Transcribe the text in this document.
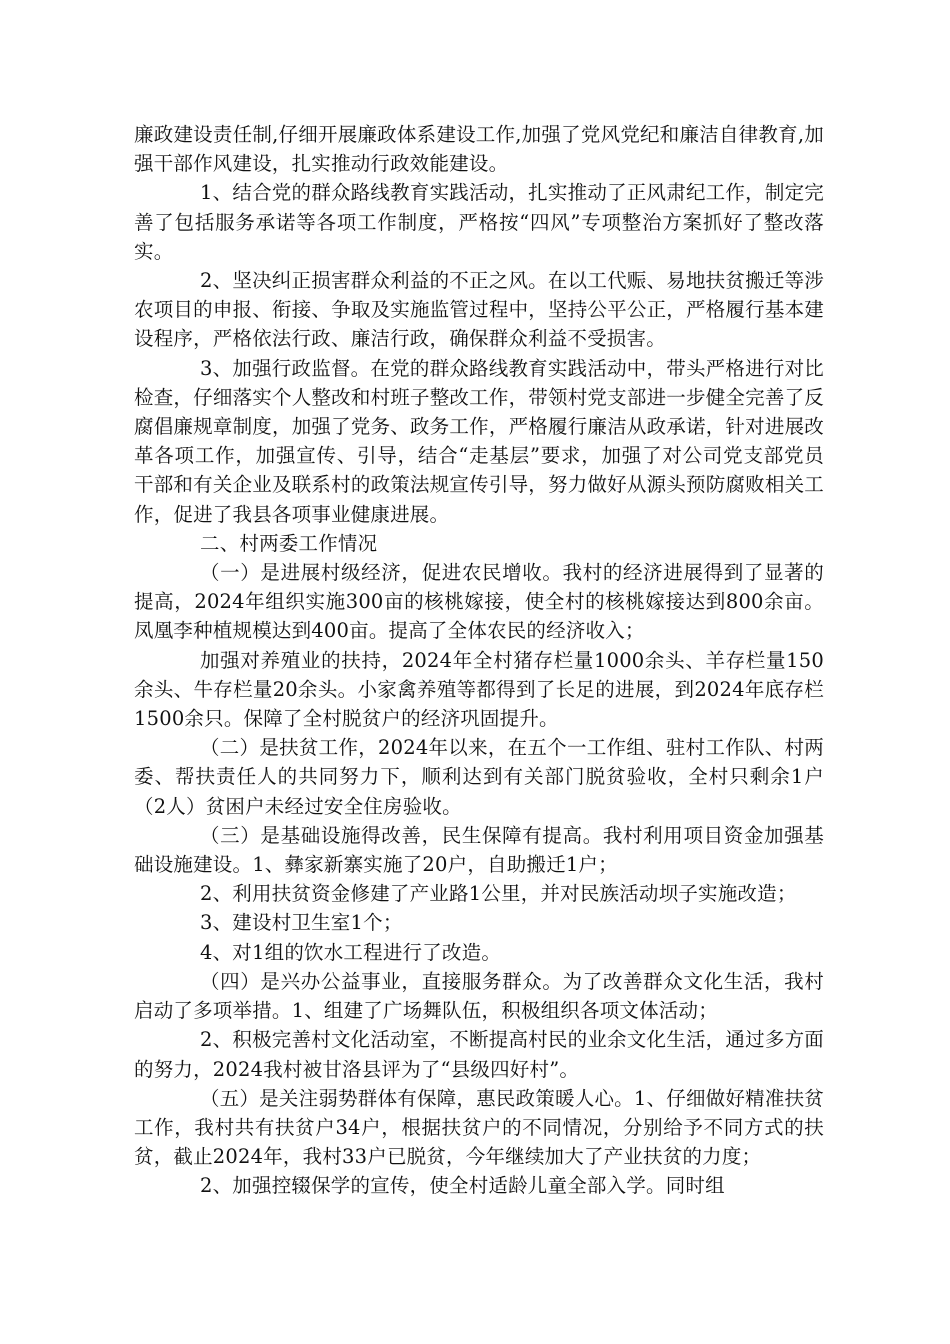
廉政建设责任制,仔细开展廉政体系建设工作,加强了党风党纪和廉洁自律教育,加强干部作风建设，扎实推动行政效能建设。

1、结合党的群众路线教育实践活动，扎实推动了正风肃纪工作，制定完善了包括服务承诺等各项工作制度，严格按“四风”专项整治方案抓好了整改落实。

2、坚决纠正损害群众利益的不正之风。在以工代赈、易地扶贫搬迁等涉农项目的申报、衔接、争取及实施监管过程中，坚持公平公正，严格履行基本建设程序，严格依法行政、廉洁行政，确保群众利益不受损害。

3、加强行政监督。在党的群众路线教育实践活动中，带头严格进行对比检查，仔细落实个人整改和村班子整改工作，带领村党支部进一步健全完善了反腐倡廉规章制度，加强了党务、政务工作，严格履行廉洁从政承诺，针对进展改革各项工作，加强宣传、引导，结合“走基层”要求，加强了对公司党支部党员干部和有关企业及联系村的政策法规宣传引导，努力做好从源头预防腐败相关工作，促进了我县各项事业健康进展。

二、村两委工作情况

（一）是进展村级经济，促进农民增收。我村的经济进展得到了显著的提高，2024年组织实施300亩的核桃嫁接，使全村的核桃嫁接达到800余亩。凤凰李种植规模达到400亩。提高了全体农民的经济收入；

加强对养殖业的扶持，2024年全村猪存栏量1000余头、羊存栏量150余头、牛存栏量20余头。小家禽养殖等都得到了长足的进展，到2024年底存栏1500余只。保障了全村脱贫户的经济巩固提升。

（二）是扶贫工作，2024年以来，在五个一工作组、驻村工作队、村两委、帮扶责任人的共同努力下，顺利达到有关部门脱贫验收，全村只剩余1户（2人）贫困户未经过安全住房验收。

（三）是基础设施得改善，民生保障有提高。我村利用项目资金加强基础设施建设。1、彝家新寨实施了20户，自助搬迁1户；

2、利用扶贫资金修建了产业路1公里，并对民族活动坝子实施改造；

3、建设村卫生室1个；

4、对1组的饮水工程进行了改造。

（四）是兴办公益事业，直接服务群众。为了改善群众文化生活，我村启动了多项举措。1、组建了广场舞队伍，积极组织各项文体活动；

2、积极完善村文化活动室，不断提高村民的业余文化生活，通过多方面的努力，2024我村被甘洛县评为了“县级四好村”。

（五）是关注弱势群体有保障，惠民政策暖人心。1、仔细做好精准扶贫工作，我村共有扶贫户34户，根据扶贫户的不同情况，分别给予不同方式的扶贫，截止2024年，我村33户已脱贫，今年继续加大了产业扶贫的力度；

2、加强控辍保学的宣传，使全村适龄儿童全部入学。同时组
